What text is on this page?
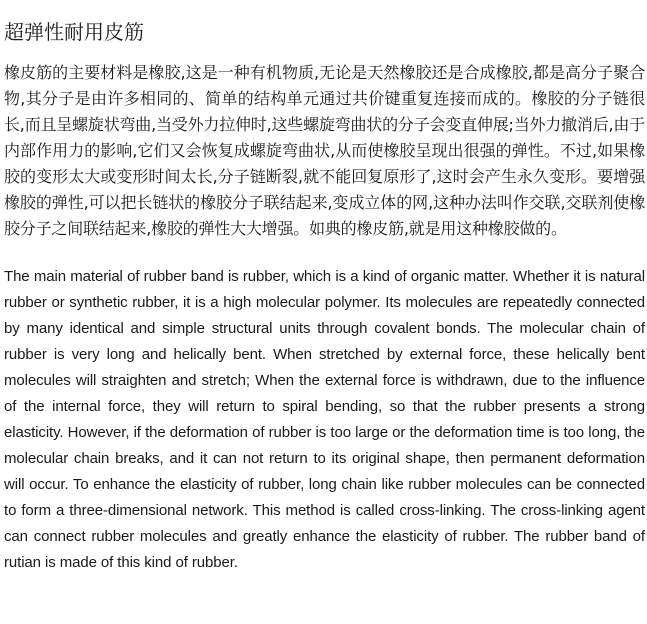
超弹性耐用皮筋

橡皮筋的主要材料是橡胶,这是一种有机物质,无论是天然橡胶还是合成橡胶,都是高分子聚合物,其分子是由许多相同的、简单的结构单元通过共价键重复连接而成的。橡胶的分子链很长,而且呈螺旋状弯曲,当受外力拉伸时,这些螺旋弯曲状的分子会变直伸展;当外力撤消后,由于内部作用力的影响,它们又会恢复成螺旋弯曲状,从而使橡胶呈现出很强的弹性。不过,如果橡胶的变形太大或变形时间太长,分子链断裂,就不能回复原形了,这时会产生永久变形。要增强橡胶的弹性,可以把长链状的橡胶分子联结起来,变成立体的网,这种办法叫作交联,交联剂使橡胶分子之间联结起来,橡胶的弹性大大增强。如典的橡皮筋,就是用这种橡胶做的。

The main material of rubber band is rubber, which is a kind of organic matter. Whether it is natural rubber or synthetic rubber, it is a high molecular polymer. Its molecules are repeatedly connected by many identical and simple structural units through covalent bonds. The molecular chain of rubber is very long and helically bent. When stretched by external force, these helically bent molecules will straighten and stretch; When the external force is withdrawn, due to the influence of the internal force, they will return to spiral bending, so that the rubber presents a strong elasticity. However, if the deformation of rubber is too large or the deformation time is too long, the molecular chain breaks, and it can not return to its original shape, then permanent deformation will occur. To enhance the elasticity of rubber, long chain like rubber molecules can be connected to form a three-dimensional network. This method is called cross-linking. The cross-linking agent can connect rubber molecules and greatly enhance the elasticity of rubber. The rubber band of rutian is made of this kind of rubber.
